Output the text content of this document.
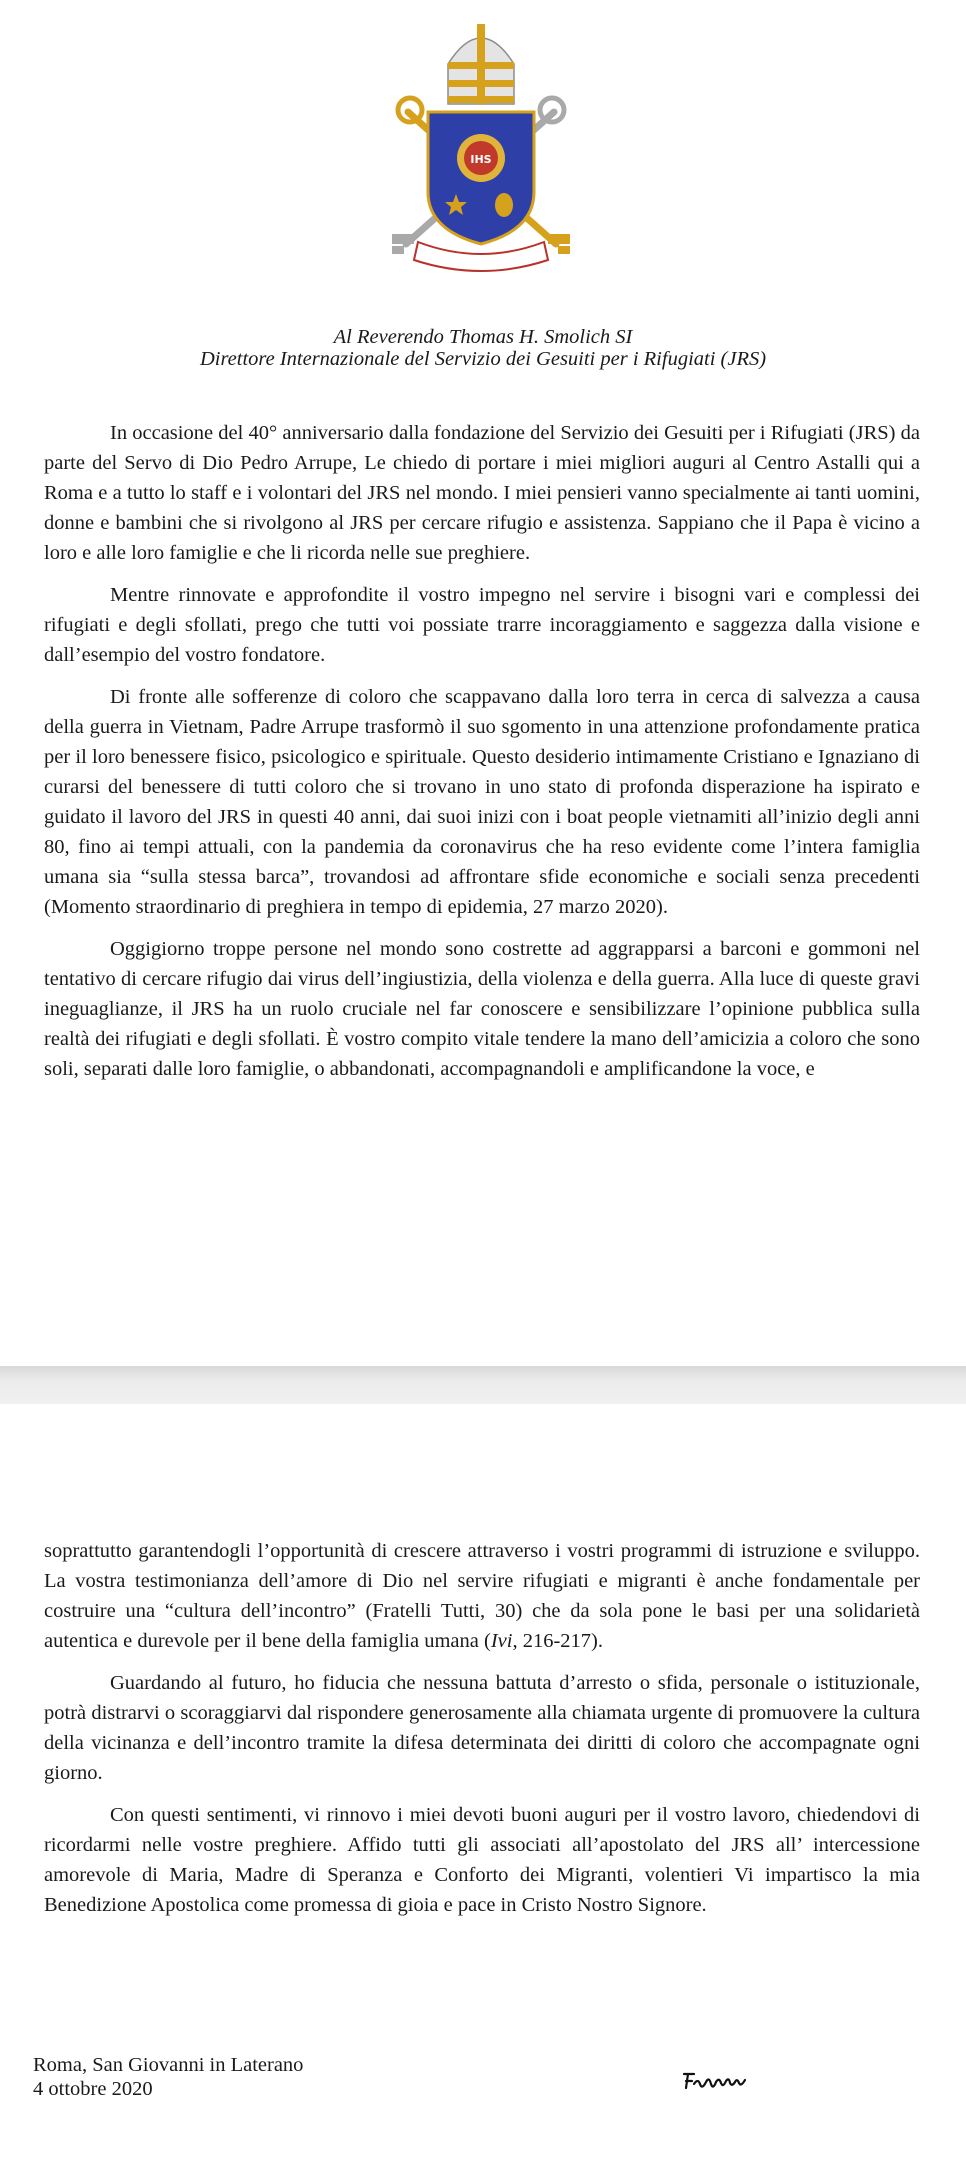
IHS
Al Reverendo Thomas H. Smolich SI
Direttore Internazionale del Servizio dei Gesuiti per i Rifugiati (JRS)

In occasione del 40° anniversario dalla fondazione del Servizio dei Gesuiti per i Rifugiati (JRS) da parte del Servo di Dio Pedro Arrupe, Le chiedo di portare i miei migliori auguri al Centro Astalli qui a Roma e a tutto lo staff e i volontari del JRS nel mondo. I miei pensieri vanno specialmente ai tanti uomini, donne e bambini che si rivolgono al JRS per cercare rifugio e assistenza. Sappiano che il Papa è vicino a loro e alle loro famiglie e che li ricorda nelle sue preghiere.

Mentre rinnovate e approfondite il vostro impegno nel servire i bisogni vari e complessi dei rifugiati e degli sfollati, prego che tutti voi possiate trarre incoraggiamento e saggezza dalla visione e dall’esempio del vostro fondatore.

Di fronte alle sofferenze di coloro che scappavano dalla loro terra in cerca di salvezza a causa della guerra in Vietnam, Padre Arrupe trasformò il suo sgomento in una attenzione profondamente pratica per il loro benessere fisico, psicologico e spirituale. Questo desiderio intimamente Cristiano e Ignaziano di curarsi del benessere di tutti coloro che si trovano in uno stato di profonda disperazione ha ispirato e guidato il lavoro del JRS in questi 40 anni, dai suoi inizi con i boat people vietnamiti all’inizio degli anni 80, fino ai tempi attuali, con la pandemia da coronavirus che ha reso evidente come l’intera famiglia umana sia “sulla stessa barca”, trovandosi ad affrontare sfide economiche e sociali senza precedenti (Momento straordinario di preghiera in tempo di epidemia, 27 marzo 2020).

Oggigiorno troppe persone nel mondo sono costrette ad aggrapparsi a barconi e gommoni nel tentativo di cercare rifugio dai virus dell’ingiustizia, della violenza e della guerra. Alla luce di queste gravi ineguaglianze, il JRS ha un ruolo cruciale nel far conoscere e sensibilizzare l’opinione pubblica sulla realtà dei rifugiati e degli sfollati. È vostro compito vitale tendere la mano dell’amicizia a coloro che sono soli, separati dalle loro famiglie, o abbandonati, accompagnandoli e amplificandone la voce, e

soprattutto garantendogli l’opportunità di crescere attraverso i vostri programmi di istruzione e sviluppo. La vostra testimonianza dell’amore di Dio nel servire rifugiati e migranti è anche fondamentale per costruire una “cultura dell’incontro” (Fratelli Tutti, 30) che da sola pone le basi per una solidarietà autentica e durevole per il bene della famiglia umana (Ivi, 216-217).

Guardando al futuro, ho fiducia che nessuna battuta d’arresto o sfida, personale o istituzionale, potrà distrarvi o scoraggiarvi dal rispondere generosamente alla chiamata urgente di promuovere la cultura della vicinanza e dell’incontro tramite la difesa determinata dei diritti di coloro che accompagnate ogni giorno.

Con questi sentimenti, vi rinnovo i miei devoti buoni auguri per il vostro lavoro, chiedendovi di ricordarmi nelle vostre preghiere. Affido tutti gli associati all’apostolato del JRS all’ intercessione amorevole di Maria, Madre di Speranza e Conforto dei Migranti, volentieri Vi impartisco la mia Benedizione Apostolica come promessa di gioia e pace in Cristo Nostro Signore.

Roma, San Giovanni in Laterano
4 ottobre 2020
